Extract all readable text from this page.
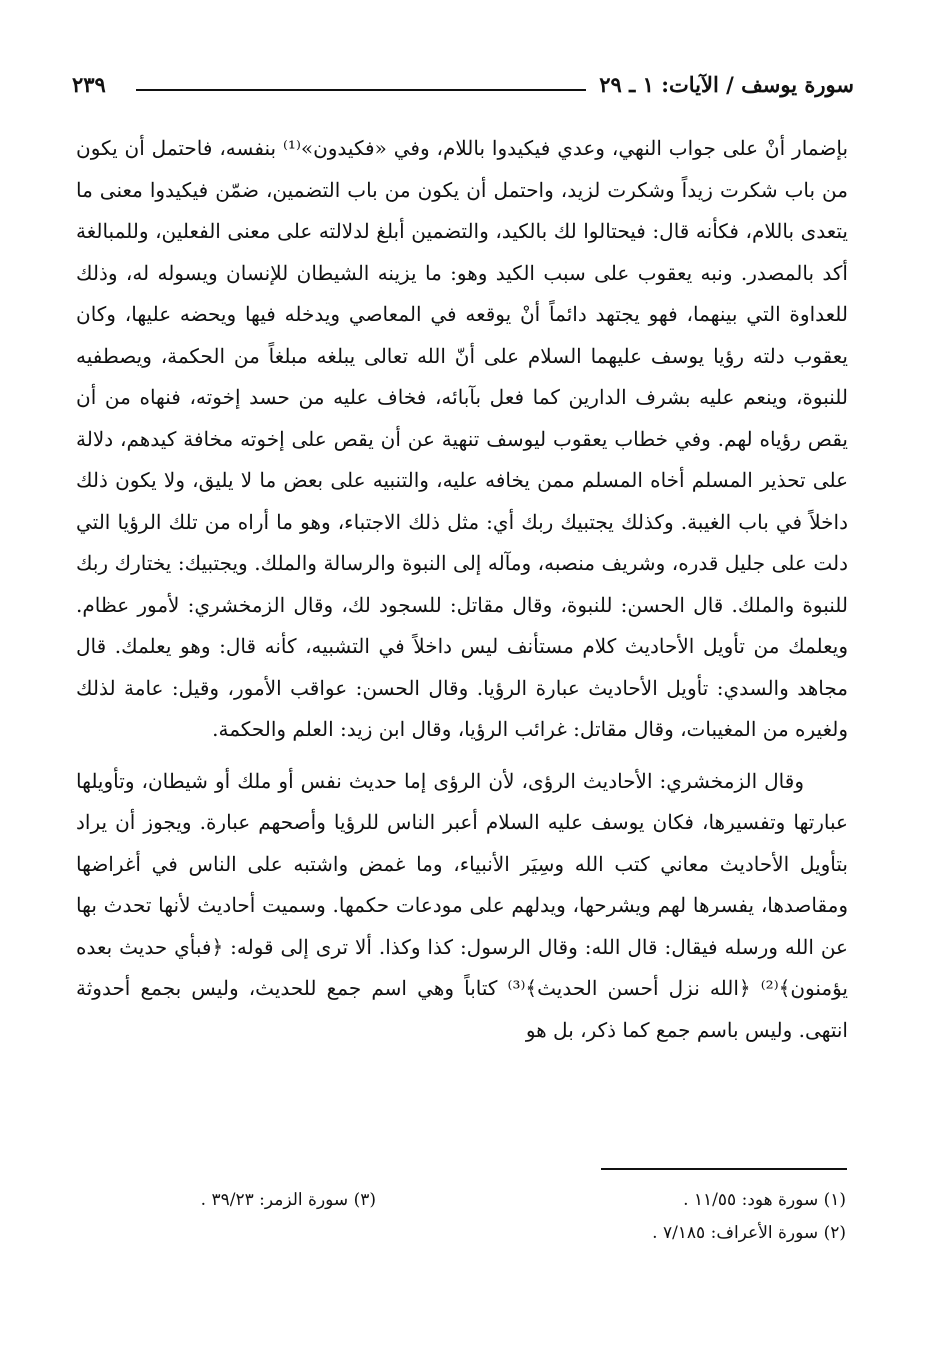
سورة يوسف / الآيات: ١ ـ ٢٩
٢٣٩

بإضمار أنْ على جواب النهي، وعدي فيكيدوا باللام، وفي «فكيدون»⁽¹⁾ بنفسه، فاحتمل أن يكون من باب شكرت زيداً وشكرت لزيد، واحتمل أن يكون من باب التضمين، ضمّن فيكيدوا معنى ما يتعدى باللام، فكأنه قال: فيحتالوا لك بالكيد، والتضمين أبلغ لدلالته على معنى الفعلين، وللمبالغة أكد بالمصدر. ونبه يعقوب على سبب الكيد وهو: ما يزينه الشيطان للإنسان ويسوله له، وذلك للعداوة التي بينهما، فهو يجتهد دائماً أنْ يوقعه في المعاصي ويدخله فيها ويحضه عليها، وكان يعقوب دلته رؤيا يوسف عليهما السلام على أنّ الله تعالى يبلغه مبلغاً من الحكمة، ويصطفيه للنبوة، وينعم عليه بشرف الدارين كما فعل بآبائه، فخاف عليه من حسد إخوته، فنهاه من أن يقص رؤياه لهم. وفي خطاب يعقوب ليوسف تنهية عن أن يقص على إخوته مخافة كيدهم، دلالة على تحذير المسلم أخاه المسلم ممن يخافه عليه، والتنبيه على بعض ما لا يليق، ولا يكون ذلك داخلاً في باب الغيبة. وكذلك يجتبيك ربك أي: مثل ذلك الاجتباء، وهو ما أراه من تلك الرؤيا التي دلت على جليل قدره، وشريف منصبه، ومآله إلى النبوة والرسالة والملك. ويجتبيك: يختارك ربك للنبوة والملك. قال الحسن: للنبوة، وقال مقاتل: للسجود لك، وقال الزمخشري: لأمور عظام. ويعلمك من تأويل الأحاديث كلام مستأنف ليس داخلاً في التشبيه، كأنه قال: وهو يعلمك. قال مجاهد والسدي: تأويل الأحاديث عبارة الرؤيا. وقال الحسن: عواقب الأمور، وقيل: عامة لذلك ولغيره من المغيبات، وقال مقاتل: غرائب الرؤيا، وقال ابن زيد: العلم والحكمة.

وقال الزمخشري: الأحاديث الرؤى، لأن الرؤى إما حديث نفس أو ملك أو شيطان، وتأويلها عبارتها وتفسيرها، فكان يوسف عليه السلام أعبر الناس للرؤيا وأصحهم عبارة. ويجوز أن يراد بتأويل الأحاديث معاني كتب الله وسِيَر الأنبياء، وما غمض واشتبه على الناس في أغراضها ومقاصدها، يفسرها لهم ويشرحها، ويدلهم على مودعات حكمها. وسميت أحاديث لأنها تحدث بها عن الله ورسله فيقال: قال الله: وقال الرسول: كذا وكذا. ألا ترى إلى قوله: ﴿فبأي حديث بعده يؤمنون﴾⁽²⁾ ﴿الله نزل أحسن الحديث﴾⁽³⁾ كتاباً وهي اسم جمع للحديث، وليس بجمع أحدوثة انتهى. وليس باسم جمع كما ذكر، بل هو

(١) سورة هود: ١١/٥٥ .
(٢) سورة الأعراف: ٧/١٨٥ .
(٣) سورة الزمر: ٣٩/٢٣ .
